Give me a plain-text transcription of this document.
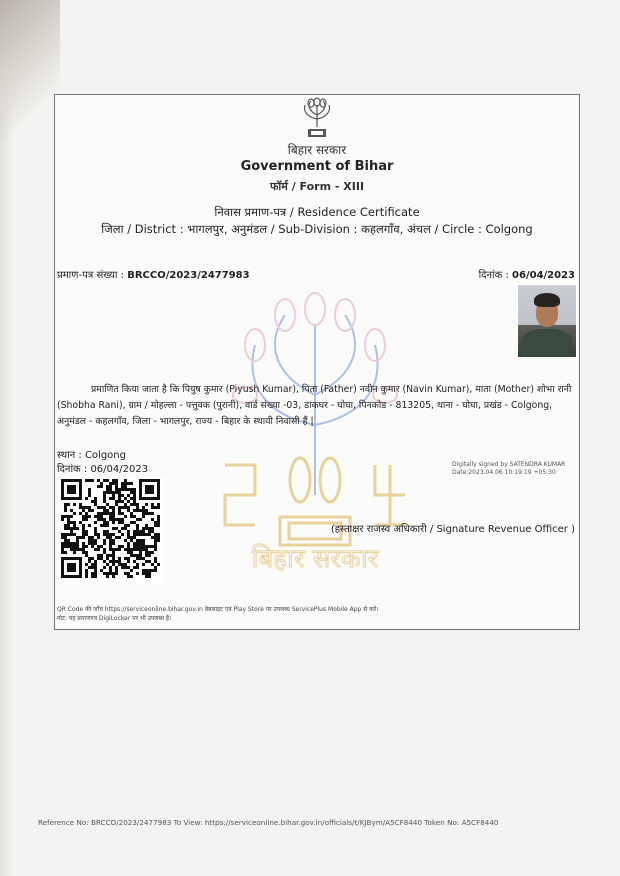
बिहार सरकार
Government of Bihar
फॉर्म / Form - XIII
निवास प्रमाण-पत्र / Residence Certificate
जिला / District : भागलपुर, अनुमंडल / Sub-Division : कहलगाँव, अंचल / Circle : Colgong
प्रमाण-पत्र संख्या : BRCCO/2023/2477983	दिनांक : 06/04/2023
बिहार सरकार
प्रमाणित किया जाता है कि पियुष कुमार (Piyush Kumar), पिता (Father) नवीन कुमार (Navin Kumar), माता (Mother) शोभा रानी (Shobha Rani), ग्राम / मोहल्ला - पत्तुवक (पुरानी), वार्ड संख्या -03, डाकघर - घोघा, पिनकोड - 813205, थाना - घोघा, प्रखंड - Colgong, अनुमंडल - कहलगाँव, जिला - भागलपुर, राज्य - बिहार के स्थायी निवासी हैं |
स्थान : Colgong
दिनांक : 06/04/2023	Digitally signed by SATENDRA KUMAR
Date:2023.04.06 10:19:19 +05:30
(हस्ताक्षर राजस्व अधिकारी / Signature Revenue Officer )
QR Code की जाँच https://serviceonline.bihar.gov.in वेबसाइट एवं Play Store पर उपलब्ध ServicePlus Mobile App से करें।
नोट: यह प्रमाणपत्र DigiLocker पर भी उपलब्ध है।
Reference No: BRCCO/2023/2477983 To View: https://serviceonline.bihar.gov.in/officials/t/KJBym/A5CF8440 Token No: A5CF8440
